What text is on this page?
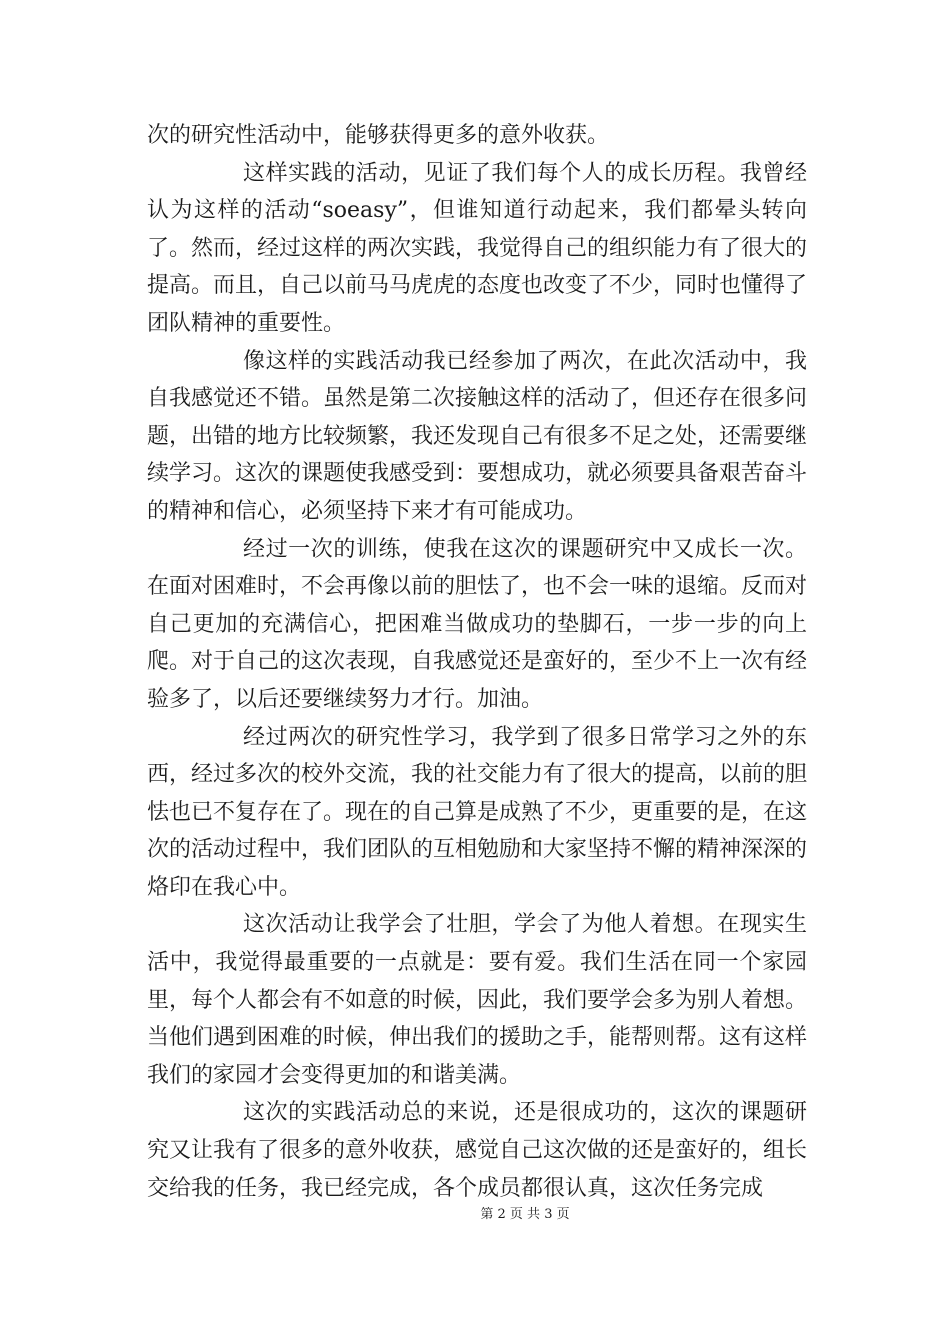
次的研究性活动中，能够获得更多的意外收获。

这样实践的活动，见证了我们每个人的成长历程。我曾经认为这样的活动“soeasy”，但谁知道行动起来，我们都晕头转向了。然而，经过这样的两次实践，我觉得自己的组织能力有了很大的提高。而且，自己以前马马虎虎的态度也改变了不少，同时也懂得了团队精神的重要性。

像这样的实践活动我已经参加了两次，在此次活动中，我自我感觉还不错。虽然是第二次接触这样的活动了，但还存在很多问题，出错的地方比较频繁，我还发现自己有很多不足之处，还需要继续学习。这次的课题使我感受到：要想成功，就必须要具备艰苦奋斗的精神和信心，必须坚持下来才有可能成功。

经过一次的训练，使我在这次的课题研究中又成长一次。在面对困难时，不会再像以前的胆怯了，也不会一味的退缩。反而对自己更加的充满信心，把困难当做成功的垫脚石，一步一步的向上爬。对于自己的这次表现，自我感觉还是蛮好的，至少不上一次有经验多了，以后还要继续努力才行。加油。

经过两次的研究性学习，我学到了很多日常学习之外的东西，经过多次的校外交流，我的社交能力有了很大的提高，以前的胆怯也已不复存在了。现在的自己算是成熟了不少，更重要的是，在这次的活动过程中，我们团队的互相勉励和大家坚持不懈的精神深深的烙印在我心中。

这次活动让我学会了壮胆，学会了为他人着想。在现实生活中，我觉得最重要的一点就是：要有爱。我们生活在同一个家园里，每个人都会有不如意的时候，因此，我们要学会多为别人着想。当他们遇到困难的时候，伸出我们的援助之手，能帮则帮。这有这样我们的家园才会变得更加的和谐美满。

这次的实践活动总的来说，还是很成功的，这次的课题研究又让我有了很多的意外收获，感觉自己这次做的还是蛮好的，组长交给我的任务，我已经完成，各个成员都很认真，这次任务完成

第 2 页 共 3 页
